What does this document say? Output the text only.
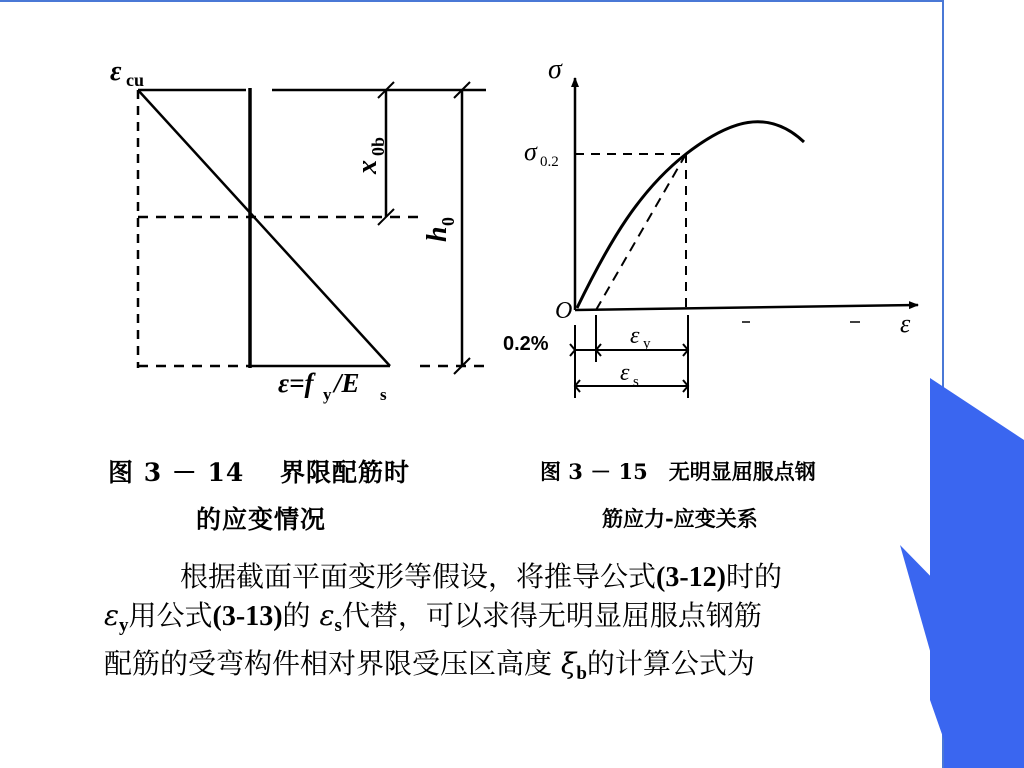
ε cu
x
0b
h
0
ε=f y /E s
σ
σ 0.2
O	ε
0.2%	ε y
ε s
图 3 － 14　 界限配筋时
的应变情况
图 3 － 15　无明显屈服点钢
筋应力-应变关系
根据截面平面变形等假设，将推导公式(3-12)时的
$\varepsilon_y$用公式(3-13)的 $\varepsilon_s$代替，可以求得无明显屈服点钢筋
配筋的受弯构件相对界限受压区高度 $\xi_b$的计算公式为
